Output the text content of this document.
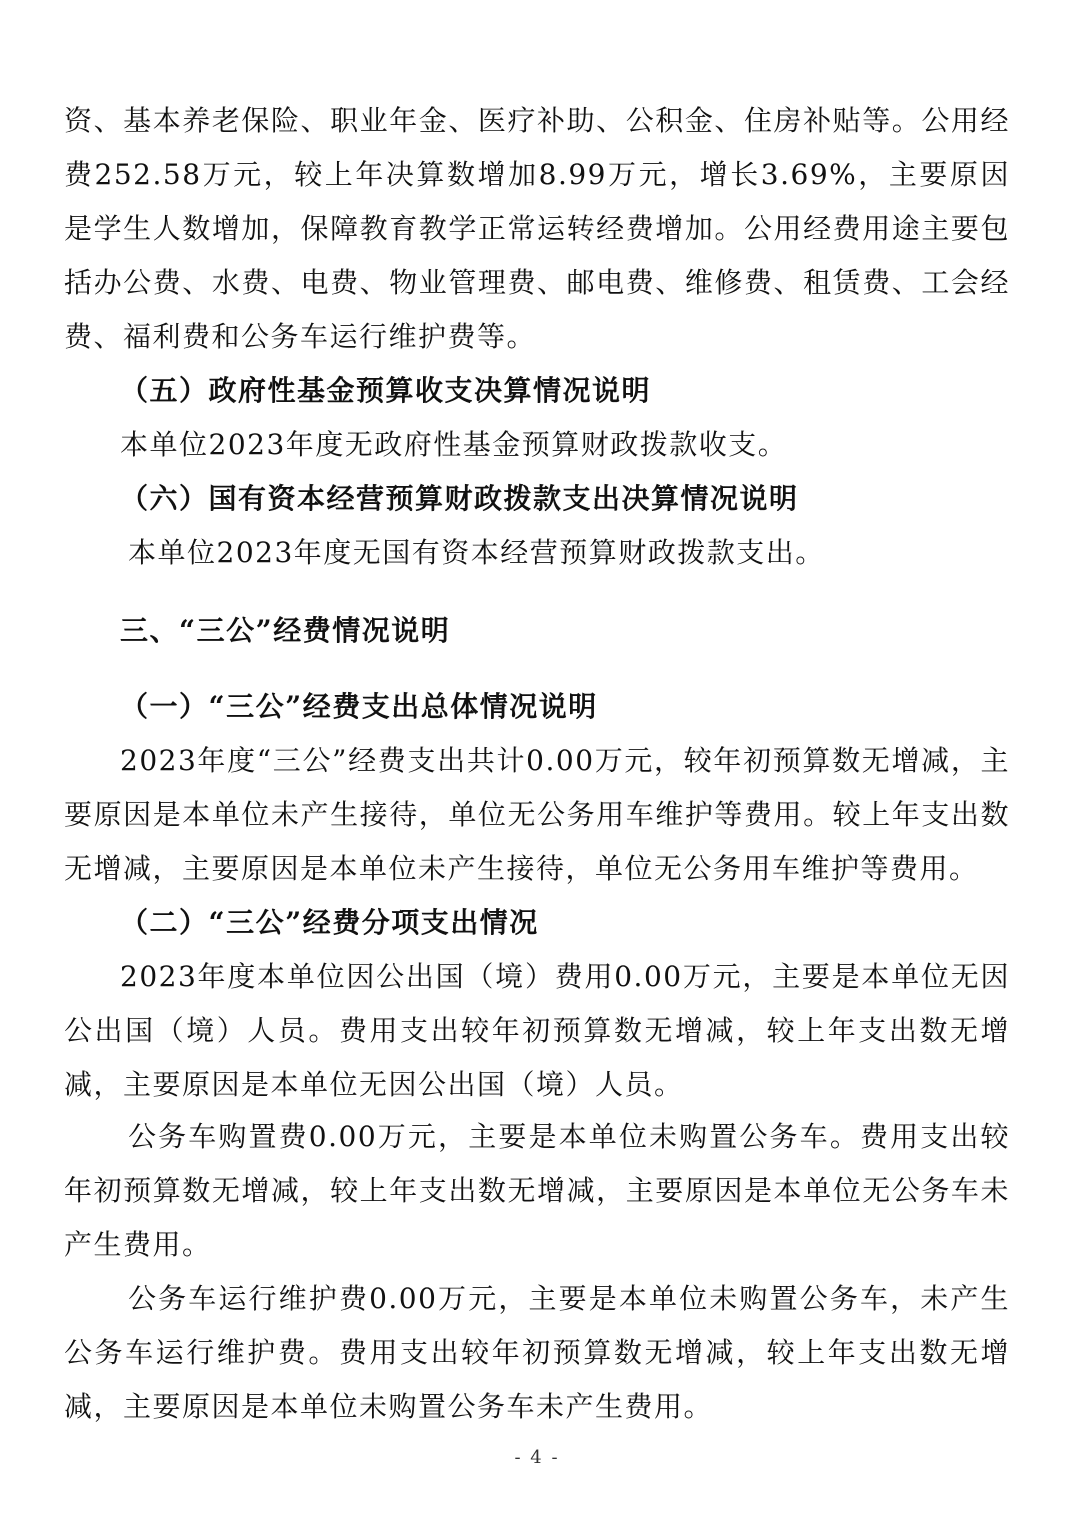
资、基本养老保险、职业年金、医疗补助、公积金、住房补贴等。公用经费252.58万元，较上年决算数增加8.99万元，增长3.69%，主要原因是学生人数增加，保障教育教学正常运转经费增加。公用经费用途主要包括办公费、水费、电费、物业管理费、邮电费、维修费、租赁费、工会经费、福利费和公务车运行维护费等。

（五）政府性基金预算收支决算情况说明

本单位2023年度无政府性基金预算财政拨款收支。

（六）国有资本经营预算财政拨款支出决算情况说明

本单位2023年度无国有资本经营预算财政拨款支出。

三、“三公”经费情况说明

（一）“三公”经费支出总体情况说明

2023年度“三公”经费支出共计0.00万元，较年初预算数无增减，主要原因是本单位未产生接待，单位无公务用车维护等费用。较上年支出数无增减，主要原因是本单位未产生接待，单位无公务用车维护等费用。

（二）“三公”经费分项支出情况

2023年度本单位因公出国（境）费用0.00万元，主要是本单位无因公出国（境）人员。费用支出较年初预算数无增减，较上年支出数无增减，主要原因是本单位无因公出国（境）人员。

公务车购置费0.00万元，主要是本单位未购置公务车。费用支出较年初预算数无增减，较上年支出数无增减，主要原因是本单位无公务车未产生费用。

公务车运行维护费0.00万元，主要是本单位未购置公务车，未产生公务车运行维护费。费用支出较年初预算数无增减，较上年支出数无增减，主要原因是本单位未购置公务车未产生费用。

- 4 -
